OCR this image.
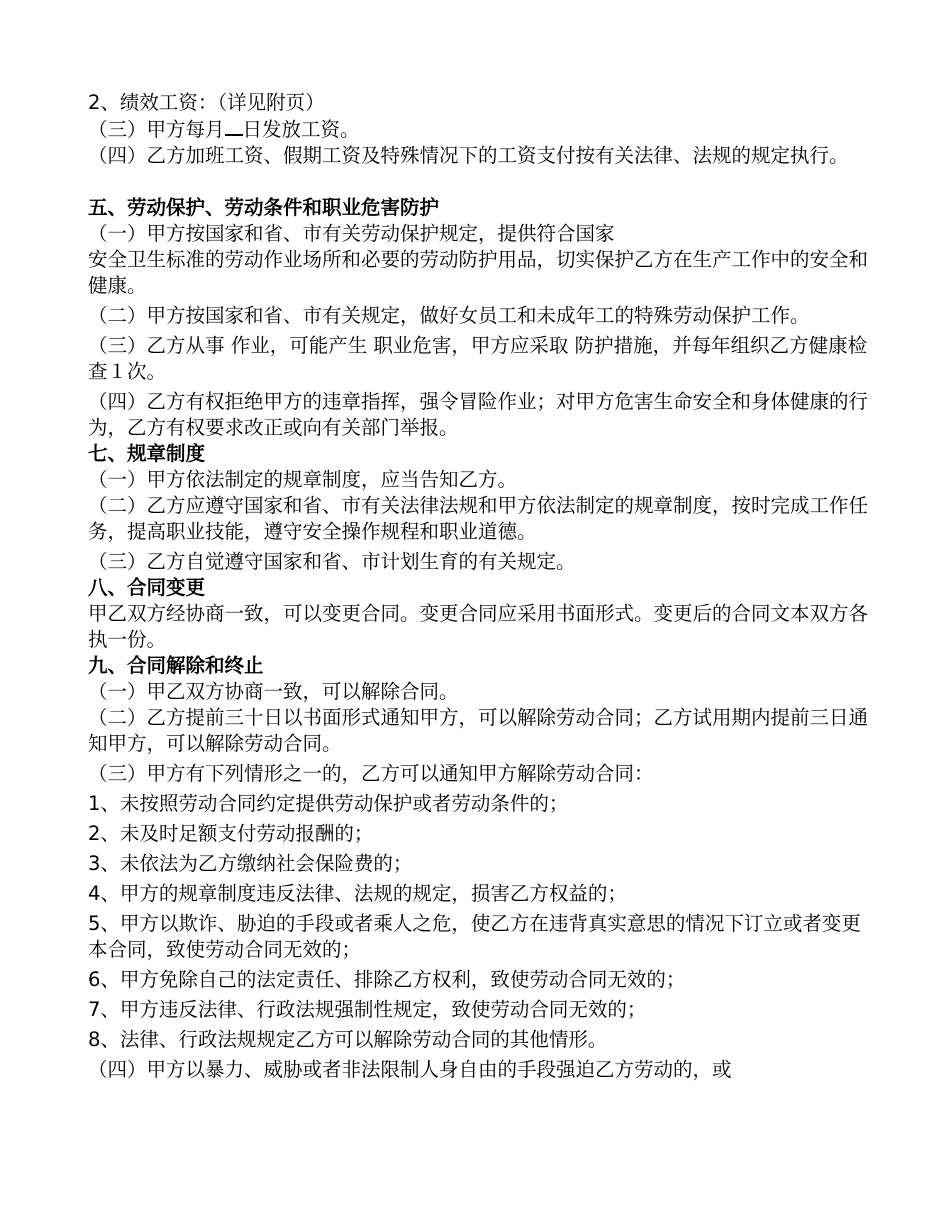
2、绩效工资：（详见附页）

（三）甲方每月 日发放工资。

（四）乙方加班工资、假期工资及特殊情况下的工资支付按有关法律、法规的规定执行。

五、劳动保护、劳动条件和职业危害防护

（一）甲方按国家和省、市有关劳动保护规定，提供符合国家

安全卫生标准的劳动作业场所和必要的劳动防护用品，切实保护乙方在生产工作中的安全和健康。

（二）甲方按国家和省、市有关规定，做好女员工和未成年工的特殊劳动保护工作。

（三）乙方从事 作业，可能产生 职业危害，甲方应采取 防护措施，并每年组织乙方健康检查１次。

（四）乙方有权拒绝甲方的违章指挥，强令冒险作业；对甲方危害生命安全和身体健康的行为，乙方有权要求改正或向有关部门举报。

七、规章制度

（一）甲方依法制定的规章制度，应当告知乙方。

（二）乙方应遵守国家和省、市有关法律法规和甲方依法制定的规章制度，按时完成工作任务，提高职业技能，遵守安全操作规程和职业道德。

（三）乙方自觉遵守国家和省、市计划生育的有关规定。

八、合同变更

甲乙双方经协商一致，可以变更合同。变更合同应采用书面形式。变更后的合同文本双方各执一份。

九、合同解除和终止

（一）甲乙双方协商一致，可以解除合同。

（二）乙方提前三十日以书面形式通知甲方，可以解除劳动合同；乙方试用期内提前三日通知甲方，可以解除劳动合同。

（三）甲方有下列情形之一的，乙方可以通知甲方解除劳动合同：

1、未按照劳动合同约定提供劳动保护或者劳动条件的；

2、未及时足额支付劳动报酬的；

3、未依法为乙方缴纳社会保险费的；

4、甲方的规章制度违反法律、法规的规定，损害乙方权益的；

5、甲方以欺诈、胁迫的手段或者乘人之危，使乙方在违背真实意思的情况下订立或者变更本合同，致使劳动合同无效的；

6、甲方免除自己的法定责任、排除乙方权利，致使劳动合同无效的；

7、甲方违反法律、行政法规强制性规定，致使劳动合同无效的；

8、法律、行政法规规定乙方可以解除劳动合同的其他情形。

（四）甲方以暴力、威胁或者非法限制人身自由的手段强迫乙方劳动的，或
